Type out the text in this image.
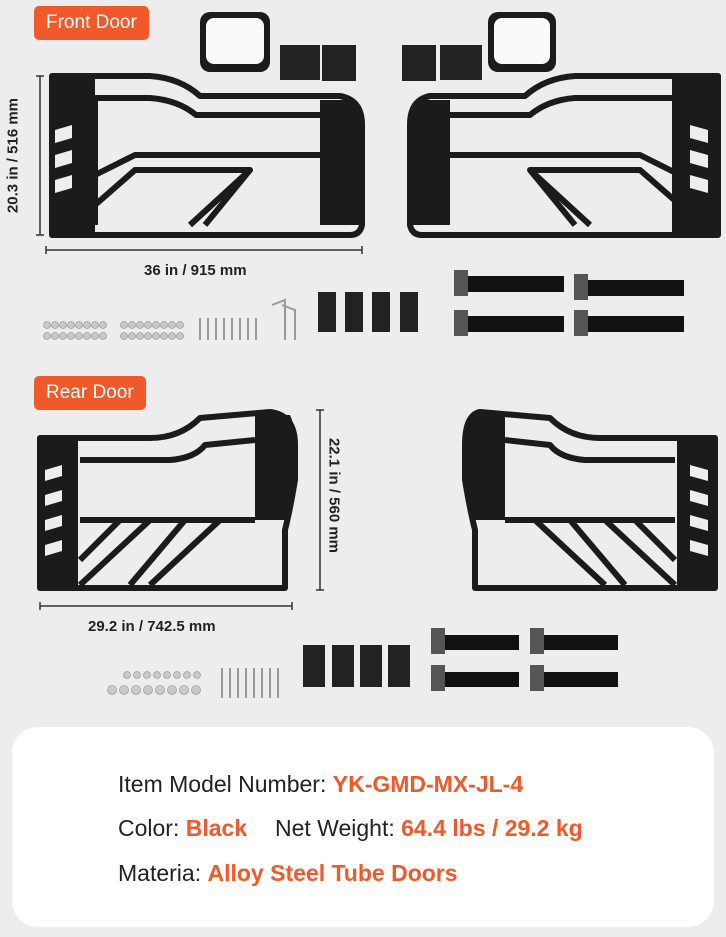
Front Door
Rear Door
20.3 in / 516 mm
36 in / 915 mm
22.1 in / 560 mm
29.2 in / 742.5 mm
Item Model Number: YK-GMD-MX-JL-4
Color: Black Net Weight: 64.4 lbs / 29.2 kg
Materia: Alloy Steel Tube Doors
